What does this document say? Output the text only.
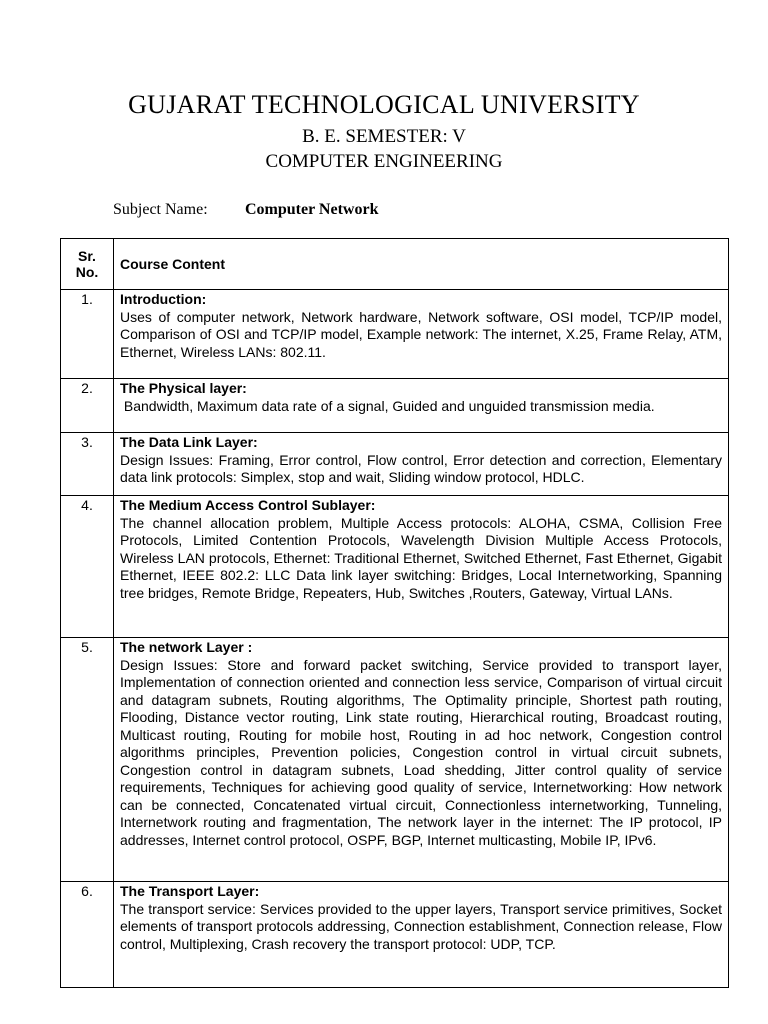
GUJARAT TECHNOLOGICAL UNIVERSITY
B. E. SEMESTER: V
COMPUTER ENGINEERING
Subject Name: Computer Network
Sr.
No.	Course Content
1.	Introduction:
Uses of computer network, Network hardware, Network software, OSI model, TCP/IP model, Comparison of OSI and TCP/IP model, Example network: The internet, X.25, Frame Relay, ATM, Ethernet, Wireless LANs: 802.11.

2.	The Physical layer:
Bandwidth, Maximum data rate of a signal, Guided and unguided transmission media.

3.	The Data Link Layer:
Design Issues: Framing, Error control, Flow control, Error detection and correction, Elementary data link protocols: Simplex, stop and wait, Sliding window protocol, HDLC.

4.	The Medium Access Control Sublayer:
The channel allocation problem, Multiple Access protocols: ALOHA, CSMA, Collision Free Protocols, Limited Contention Protocols, Wavelength Division Multiple Access Protocols, Wireless LAN protocols, Ethernet: Traditional Ethernet, Switched Ethernet, Fast Ethernet, Gigabit Ethernet, IEEE 802.2: LLC Data link layer switching: Bridges, Local Internetworking, Spanning tree bridges, Remote Bridge, Repeaters, Hub, Switches ,Routers, Gateway, Virtual LANs.

5.	The network Layer :
Design Issues: Store and forward packet switching, Service provided to transport layer, Implementation of connection oriented and connection less service, Comparison of virtual circuit and datagram subnets, Routing algorithms, The Optimality principle, Shortest path routing, Flooding, Distance vector routing, Link state routing, Hierarchical routing, Broadcast routing, Multicast routing, Routing for mobile host, Routing in ad hoc network, Congestion control algorithms principles, Prevention policies, Congestion control in virtual circuit subnets, Congestion control in datagram subnets, Load shedding, Jitter control quality of service requirements, Techniques for achieving good quality of service, Internetworking: How network can be connected, Concatenated virtual circuit, Connectionless internetworking, Tunneling, Internetwork routing and fragmentation, The network layer in the internet: The IP protocol, IP addresses, Internet control protocol, OSPF, BGP, Internet multicasting, Mobile IP, IPv6.

6.	The Transport Layer:
The transport service: Services provided to the upper layers, Transport service primitives, Socket elements of transport protocols addressing, Connection establishment, Connection release, Flow control, Multiplexing, Crash recovery the transport protocol: UDP, TCP.
